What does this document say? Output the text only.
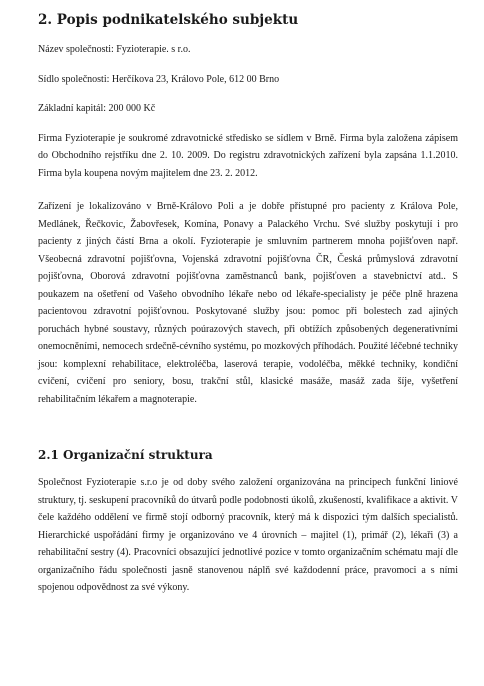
2. Popis podnikatelského subjektu

Název společnosti: Fyzioterapie. s r.o.

Sídlo společnosti: Herčíkova 23, Královo Pole, 612 00 Brno

Základní kapitál: 200 000 Kč

Firma Fyzioterapie je soukromé zdravotnické středisko se sídlem v Brně. Firma byla založena zápisem do Obchodního rejstříku dne 2. 10. 2009. Do registru zdravotnických zařízení byla zapsána 1.1.2010. Firma byla koupena novým majitelem dne 23. 2. 2012.

Zařízení je lokalizováno v Brně-Královo Poli a je dobře přístupné pro pacienty z Králova Pole, Medlánek, Řečkovic, Žabovřesek, Komína, Ponavy a Palackého Vrchu. Své služby poskytují i pro pacienty z jiných částí Brna a okolí. Fyzioterapie je smluvním partnerem mnoha pojišťoven např. Všeobecná zdravotní pojišťovna, Vojenská zdravotní pojišťovna ČR, Česká průmyslová zdravotní pojišťovna, Oborová zdravotní pojišťovna zaměstnanců bank, pojišťoven a stavebnictví atd.. S poukazem na ošetření od Vašeho obvodního lékaře nebo od lékaře-specialisty je péče plně hrazena pacientovou zdravotní pojišťovnou. Poskytované služby jsou: pomoc při bolestech zad ajiných poruchách hybné soustavy, různých poúrazových stavech, při obtížích způsobených degenerativními onemocněními, nemocech srdečně-cévního systému, po mozkových příhodách. Použité léčebné techniky jsou: komplexní rehabilitace, elektroléčba, laserová terapie, vodoléčba, měkké techniky, kondiční cvičení, cvičení pro seniory, bosu, trakční stůl, klasické masáže, masáž zada šíje, vyšetření rehabilitačním lékařem a magnoterapie.

2.1 Organizační struktura

Společnost Fyzioterapie s.r.o je od doby svého založení organizována na principech funkční liniové struktury, tj. seskupení pracovníků do útvarů podle podobnosti úkolů, zkušeností, kvalifikace a aktivit. V čele každého oddělení ve firmě stojí odborný pracovník, který má k dispozici tým dalších specialistů. Hierarchické uspořádání firmy je organizováno ve 4 úrovních – majitel (1), primář (2), lékaři (3) a rehabilitační sestry (4). Pracovníci obsazující jednotlivé pozice v tomto organizačním schématu mají dle organizačního řádu společnosti jasně stanovenou náplň své každodenní práce, pravomoci a s ními spojenou odpovědnost za své výkony.
